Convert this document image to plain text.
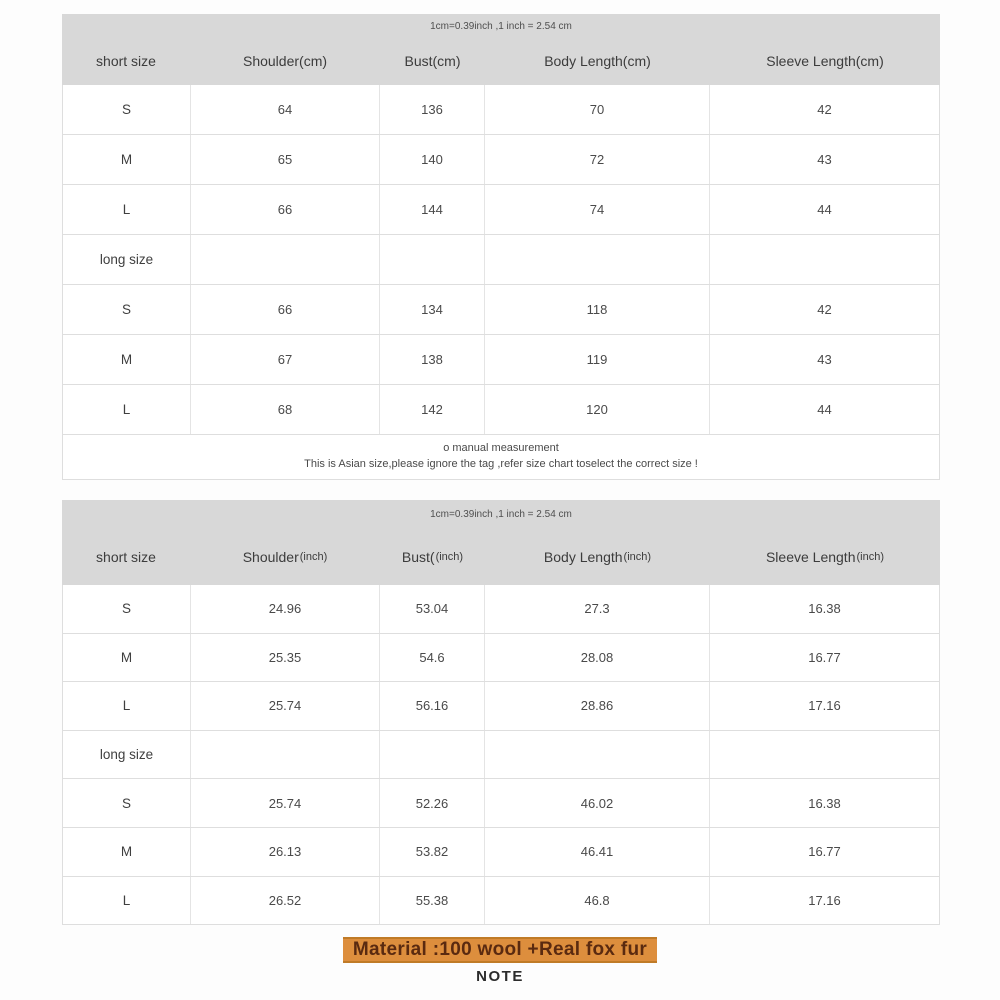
1cm=0.39inch ,1 inch = 2.54 cm
short size	Shoulder(cm)	Bust(cm)	Body Length(cm)	Sleeve Length(cm)
S	64	136	70	42
M	65	140	72	43
L	66	144	74	44
long size
S	66	134	118	42
M	67	138	119	43
L	68	142	120	44
o manual measurement
This is Asian size,please ignore the tag ,refer size chart toselect the correct size !
1cm=0.39inch ,1 inch = 2.54 cm
short size	Shoulder (inch)	Bust( (inch)	Body Length (inch)	Sleeve Length (inch)
S	24.96	53.04	27.3	16.38
M	25.35	54.6	28.08	16.77
L	25.74	56.16	28.86	17.16
long size
S	25.74	52.26	46.02	16.38
M	26.13	53.82	46.41	16.77
L	26.52	55.38	46.8	17.16
Material :100 wool +Real fox fur
NOTE
